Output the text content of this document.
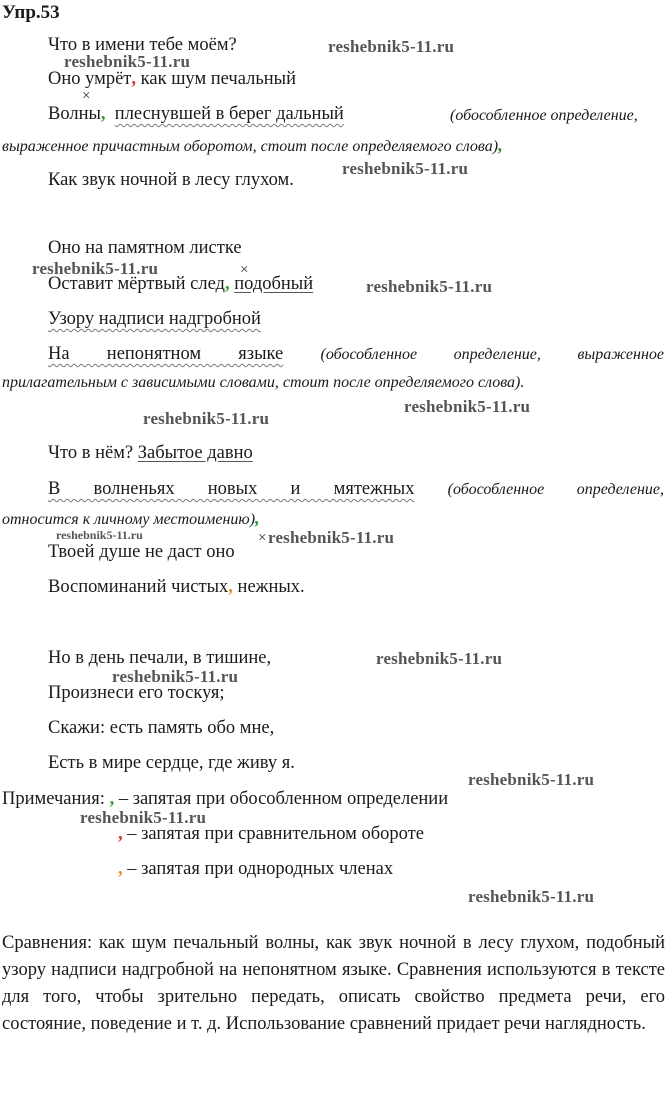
Упр.53
Что в имени тебе моём?	reshebnik5-11.ru
reshebnik5-11.ru
Оно умрёт, как шум печальный
×
Волны, плеснувшей в берег дальный	(обособленное определение,
выраженное причастным оборотом, стоит после определяемого слова),
reshebnik5-11.ru
Как звук ночной в лесу глухом.
Оно на памятном листке
reshebnik5-11.ru	×
Оставит мёртвый след, подобный	reshebnik5-11.ru
Узору надписи надгробной
На непонятном языке (обособленное определение, выраженное
прилагательным с зависимыми словами, стоит после определяемого слова).
reshebnik5-11.ru
reshebnik5-11.ru
Что в нём? Забытое давно
В волненьях новых и мятежных (обособленное определение,
относится к личному местоимению),
reshebnik5-11.ru	× reshebnik5-11.ru
Твоей душе не даст оно
Воспоминаний чистых, нежных.
Но в день печали, в тишине,	reshebnik5-11.ru
reshebnik5-11.ru
Произнеси его тоскуя;
Скажи: есть память обо мне,
Есть в мире сердце, где живу я.
reshebnik5-11.ru
Примечания: , – запятая при обособленном определении
reshebnik5-11.ru
, – запятая при сравнительном обороте
, – запятая при однородных членах
reshebnik5-11.ru
Сравнения: как шум печальный волны, как звук ночной в лесу глухом, подобный узору надписи надгробной на непонятном языке. Сравнения используются в тексте для того, чтобы зрительно передать, описать свойство предмета речи, его состояние, поведение и т. д. Использование сравнений придает речи наглядность.
